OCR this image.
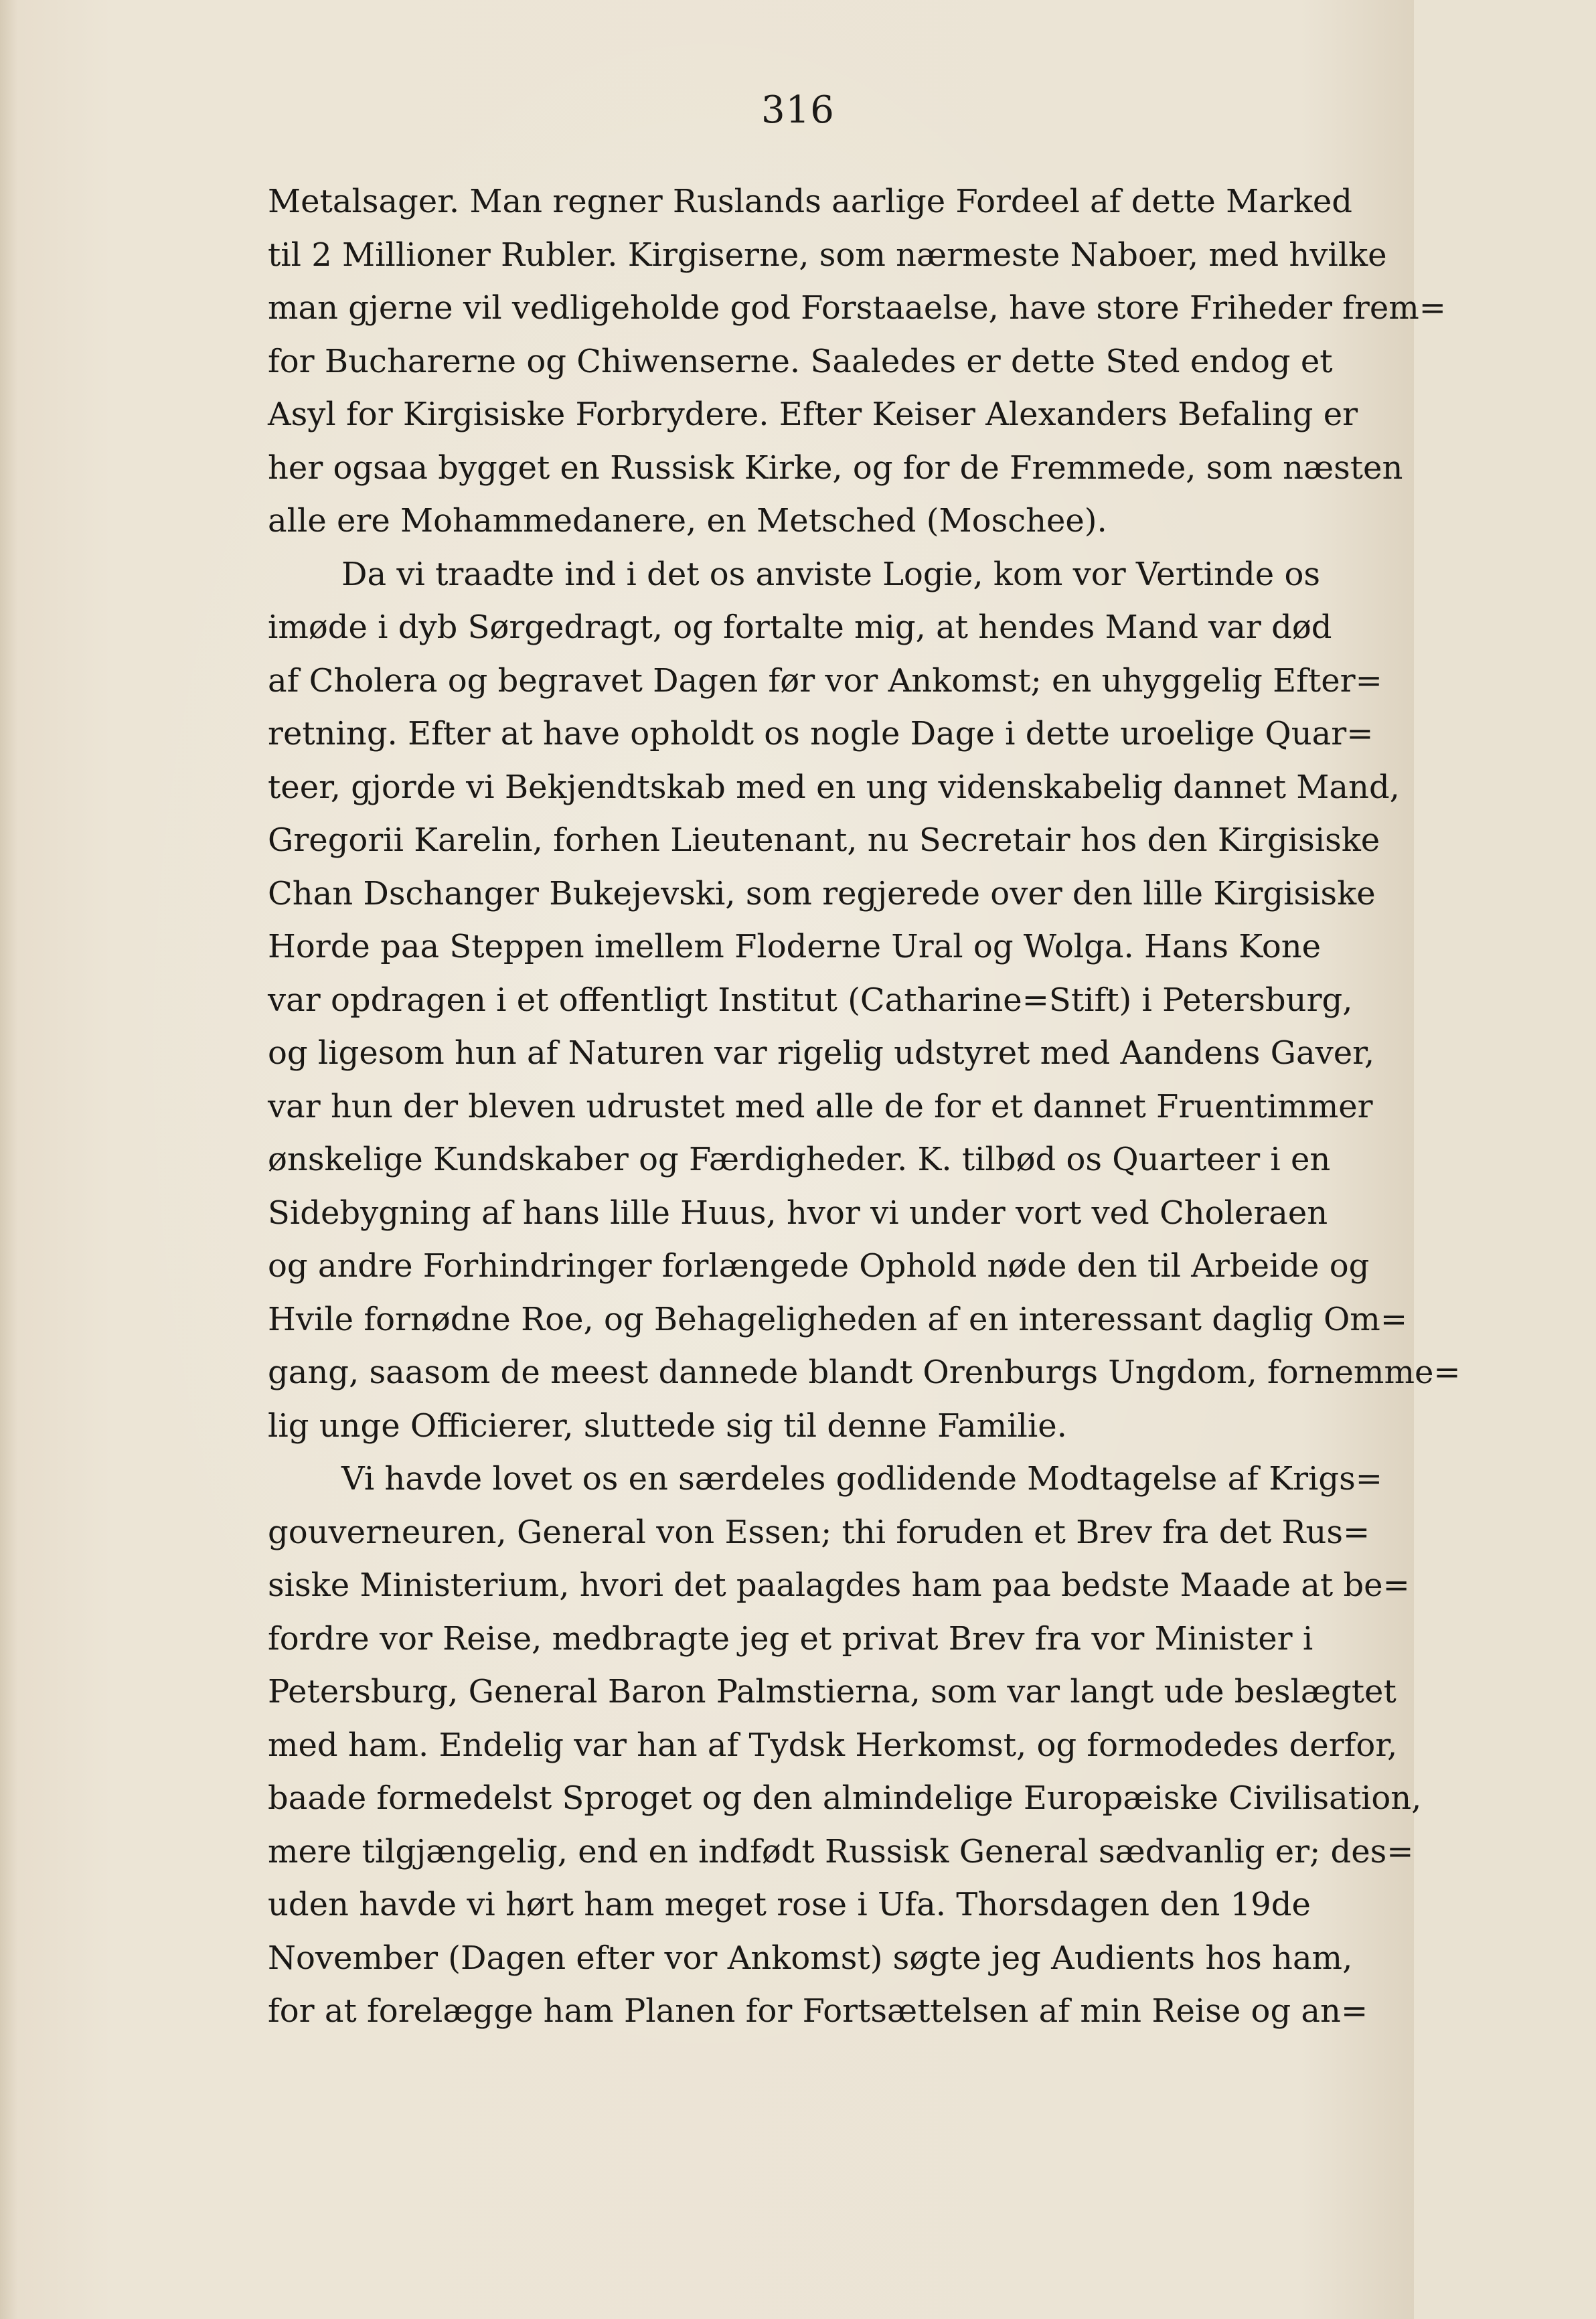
316
Metalsager. Man regner Ruslands aarlige Fordeel af dette Marked
til 2 Millioner Rubler. Kirgiserne, som nærmeste Naboer, med hvilke
man gjerne vil vedligeholde god Forstaaelse, have store Friheder frem=
for Bucharerne og Chiwenserne. Saaledes er dette Sted endog et
Asyl for Kirgisiske Forbrydere. Efter Keiser Alexanders Befaling er
her ogsaa bygget en Russisk Kirke, og for de Fremmede, som næsten
alle ere Mohammedanere, en Metsched (Moschee).
Da vi traadte ind i det os anviste Logie, kom vor Vertinde os
imøde i dyb Sørgedragt, og fortalte mig, at hendes Mand var død
af Cholera og begravet Dagen før vor Ankomst; en uhyggelig Efter=
retning. Efter at have opholdt os nogle Dage i dette uroelige Quar=
teer, gjorde vi Bekjendtskab med en ung videnskabelig dannet Mand,
Gregorii Karelin, forhen Lieutenant, nu Secretair hos den Kirgisiske
Chan Dschanger Bukejevski, som regjerede over den lille Kirgisiske
Horde paa Steppen imellem Floderne Ural og Wolga. Hans Kone
var opdragen i et offentligt Institut (Catharine=Stift) i Petersburg,
og ligesom hun af Naturen var rigelig udstyret med Aandens Gaver,
var hun der bleven udrustet med alle de for et dannet Fruentimmer
ønskelige Kundskaber og Færdigheder. K. tilbød os Quarteer i en
Sidebygning af hans lille Huus, hvor vi under vort ved Choleraen
og andre Forhindringer forlængede Ophold nøde den til Arbeide og
Hvile fornødne Roe, og Behageligheden af en interessant daglig Om=
gang, saasom de meest dannede blandt Orenburgs Ungdom, fornemme=
lig unge Officierer, sluttede sig til denne Familie.
Vi havde lovet os en særdeles godlidende Modtagelse af Krigs=
gouverneuren, General von Essen; thi foruden et Brev fra det Rus=
siske Ministerium, hvori det paalagdes ham paa bedste Maade at be=
fordre vor Reise, medbragte jeg et privat Brev fra vor Minister i
Petersburg, General Baron Palmstierna, som var langt ude beslægtet
med ham. Endelig var han af Tydsk Herkomst, og formodedes derfor,
baade formedelst Sproget og den almindelige Europæiske Civilisation,
mere tilgjængelig, end en indfødt Russisk General sædvanlig er; des=
uden havde vi hørt ham meget rose i Ufa. Thorsdagen den 19de
November (Dagen efter vor Ankomst) søgte jeg Audients hos ham,
for at forelægge ham Planen for Fortsættelsen af min Reise og an=
